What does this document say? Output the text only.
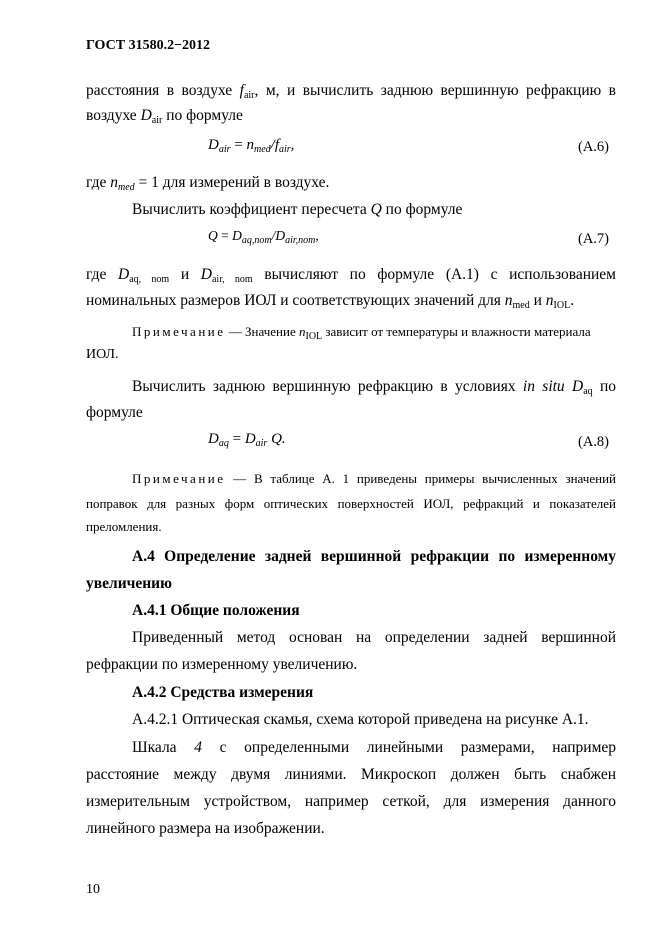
ГОСТ 31580.2−2012
расстояния в воздухе $f_{air}$, м, и вычислить заднюю вершинную рефракцию в
воздухе $D_{air}$ по формуле
$D_{air} = n_{med}/f_{air}$,	(A.6)
где nmed = 1 для измерений в воздухе.
Вычислить коэффициент пересчета Q по формуле
$Q = D_{aq,nom}/D_{air,nom}$,	(A.7)
где $D_{aq, nom}$ и $D_{air, nom}$ вычисляют по формуле (А.1) с использованием
номинальных размеров ИОЛ и соответствующих значений для $n_{med}$ и $n_{IOL}$.
Примечание — Значение $n_{IOL}$ зависит от температуры и влажности материала
ИОЛ.
Вычислить заднюю вершинную рефракцию в условиях in situ $D_{aq}$ по
формуле
$D_{aq} = D_{air}$ Q.	(A.8)
Примечание — В таблице А. 1 приведены примеры вычисленных значений
поправок для разных форм оптических поверхностей ИОЛ, рефракций и показателей
преломления.
А.4 Определение задней вершинной рефракции по измеренному
увеличению
А.4.1 Общие положения
Приведенный метод основан на определении задней вершинной
рефракции по измеренному увеличению.
А.4.2 Средства измерения
А.4.2.1 Оптическая скамья, схема которой приведена на рисунке А.1.
Шкала 4 с определенными линейными размерами, например
расстояние между двумя линиями. Микроскоп должен быть снабжен
измерительным устройством, например сеткой, для измерения данного
линейного размера на изображении.
10
